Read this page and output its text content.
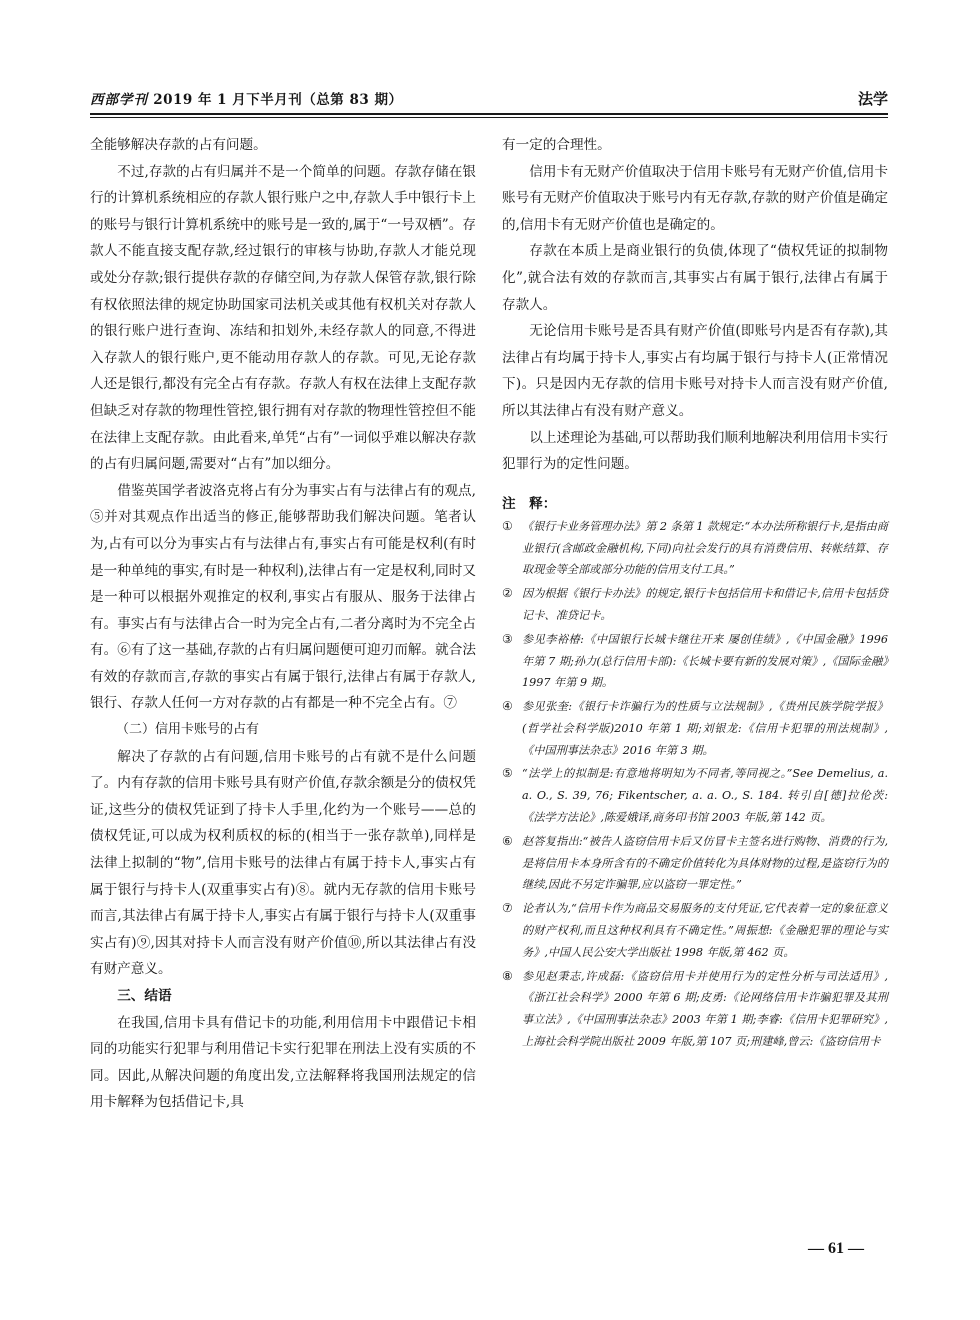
西部学刊 2019 年 1 月下半月刊（总第 83 期）	法学

全能够解决存款的占有问题。

不过,存款的占有归属并不是一个简单的问题。存款存储在银行的计算机系统相应的存款人银行账户之中,存款人手中银行卡上的账号与银行计算机系统中的账号是一致的,属于“一号双栖”。存款人不能直接支配存款,经过银行的审核与协助,存款人才能兑现或处分存款;银行提供存款的存储空间,为存款人保管存款,银行除有权依照法律的规定协助国家司法机关或其他有权机关对存款人的银行账户进行查询、冻结和扣划外,未经存款人的同意,不得进入存款人的银行账户,更不能动用存款人的存款。可见,无论存款人还是银行,都没有完全占有存款。存款人有权在法律上支配存款但缺乏对存款的物理性管控,银行拥有对存款的物理性管控但不能在法律上支配存款。由此看来,单凭“占有”一词似乎难以解决存款的占有归属问题,需要对“占有”加以细分。

借鉴英国学者波洛克将占有分为事实占有与法律占有的观点,⑤并对其观点作出适当的修正,能够帮助我们解决问题。笔者认为,占有可以分为事实占有与法律占有,事实占有可能是权利(有时是一种单纯的事实,有时是一种权利),法律占有一定是权利,同时又是一种可以根据外观推定的权利,事实占有服从、服务于法律占有。事实占有与法律占合一时为完全占有,二者分离时为不完全占有。⑥有了这一基础,存款的占有归属问题便可迎刃而解。就合法有效的存款而言,存款的事实占有属于银行,法律占有属于存款人,银行、存款人任何一方对存款的占有都是一种不完全占有。⑦

（二）信用卡账号的占有

解决了存款的占有问题,信用卡账号的占有就不是什么问题了。内有存款的信用卡账号具有财产价值,存款余额是分的债权凭证,这些分的债权凭证到了持卡人手里,化约为一个账号——总的债权凭证,可以成为权利质权的标的(相当于一张存款单),同样是法律上拟制的“物”,信用卡账号的法律占有属于持卡人,事实占有属于银行与持卡人(双重事实占有)⑧。就内无存款的信用卡账号而言,其法律占有属于持卡人,事实占有属于银行与持卡人(双重事实占有)⑨,因其对持卡人而言没有财产价值⑩,所以其法律占有没有财产意义。

三、结语

在我国,信用卡具有借记卡的功能,利用信用卡中跟借记卡相同的功能实行犯罪与利用借记卡实行犯罪在刑法上没有实质的不同。因此,从解决问题的角度出发,立法解释将我国刑法规定的信用卡解释为包括借记卡,具

有一定的合理性。

信用卡有无财产价值取决于信用卡账号有无财产价值,信用卡账号有无财产价值取决于账号内有无存款,存款的财产价值是确定的,信用卡有无财产价值也是确定的。

存款在本质上是商业银行的负债,体现了“债权凭证的拟制物化”,就合法有效的存款而言,其事实占有属于银行,法律占有属于存款人。

无论信用卡账号是否具有财产价值(即账号内是否有存款),其法律占有均属于持卡人,事实占有均属于银行与持卡人(正常情况下)。只是因内无存款的信用卡账号对持卡人而言没有财产价值,所以其法律占有没有财产意义。

以上述理论为基础,可以帮助我们顺利地解决利用信用卡实行犯罪行为的定性问题。

注　释：
① 《银行卡业务管理办法》第 2 条第 1 款规定:“本办法所称银行卡,是指由商业银行(含邮政金融机构,下同)向社会发行的具有消费信用、转帐结算、存取现金等全部或部分功能的信用支付工具。”
② 因为根据《银行卡办法》的规定,银行卡包括信用卡和借记卡,信用卡包括贷记卡、准贷记卡。
③ 参见李裕椿:《中国银行长城卡继往开来 屡创佳绩》,《中国金融》1996 年第 7 期;孙力(总行信用卡部):《长城卡要有新的发展对策》,《国际金融》1997 年第 9 期。
④ 参见张奎:《银行卡诈骗行为的性质与立法规制》,《贵州民族学院学报》(哲学社会科学版)2010 年第 1 期;刘银龙:《信用卡犯罪的刑法规制》,《中国刑事法杂志》2016 年第 3 期。
⑤ “法学上的拟制是:有意地将明知为不同者,等同视之。”See Demelius, a. a. O., S. 39, 76; Fikentscher, a. a. O., S. 184. 转引自[德]拉伦茨:《法学方法论》,陈爱娥译,商务印书馆 2003 年版,第 142 页。
⑥ 赵答复指出:“被告人盗窃信用卡后又仿冒卡主签名进行购物、消费的行为,是将信用卡本身所含有的不确定价值转化为具体财物的过程,是盗窃行为的继续,因此不另定诈骗罪,应以盗窃一罪定性。”
⑦ 论者认为,“信用卡作为商品交易服务的支付凭证,它代表着一定的象征意义的财产权利,而且这种权利具有不确定性。”周振想:《金融犯罪的理论与实务》,中国人民公安大学出版社 1998 年版,第 462 页。
⑧ 参见赵秉志,许成磊:《盗窃信用卡并使用行为的定性分析与司法适用》,《浙江社会科学》2000 年第 6 期;皮勇:《论网络信用卡诈骗犯罪及其刑事立法》,《中国刑事法杂志》2003 年第 1 期;李睿:《信用卡犯罪研究》,上海社会科学院出版社 2009 年版,第 107 页;刑建峰,曾云:《盗窃信用卡
— 61 —
